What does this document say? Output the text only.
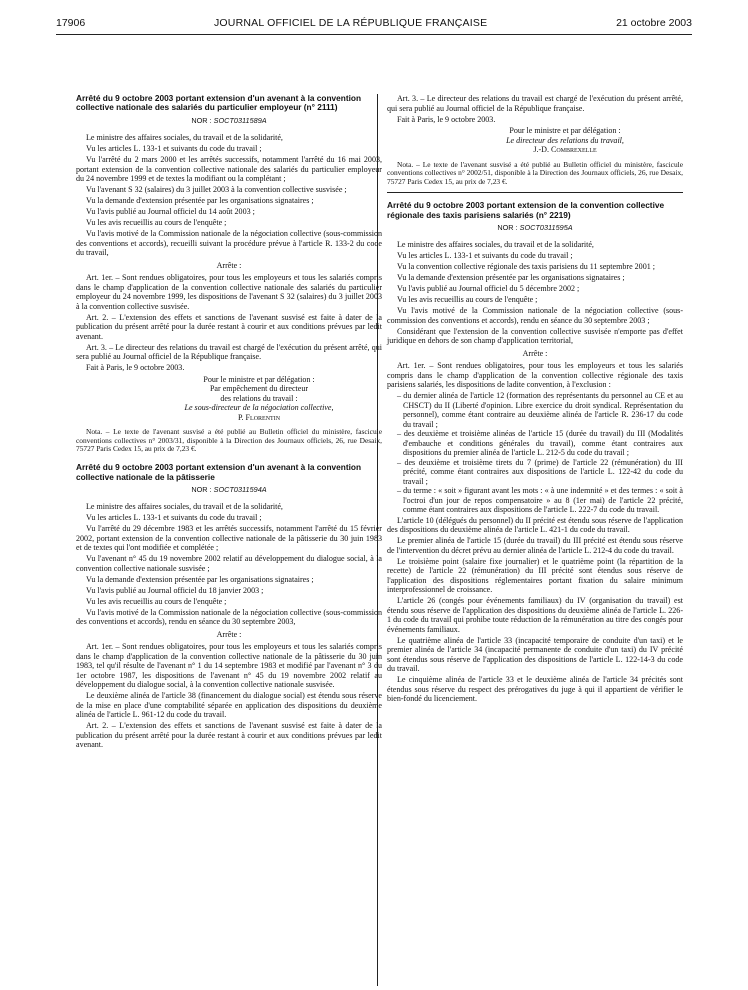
17906	JOURNAL OFFICIEL DE LA RÉPUBLIQUE FRANÇAISE	21 octobre 2003
Arrêté du 9 octobre 2003 portant extension d'un avenant à la convention collective nationale des salariés du particulier employeur (n° 2111)
NOR : SOCT0311589A

Le ministre des affaires sociales, du travail et de la solidarité,

Vu les articles L. 133-1 et suivants du code du travail ;

Vu l'arrêté du 2 mars 2000 et les arrêtés successifs, notamment l'arrêté du 16 mai 2003, portant extension de la convention collective nationale des salariés du particulier employeur du 24 novembre 1999 et de textes la modifiant ou la complétant ;

Vu l'avenant S 32 (salaires) du 3 juillet 2003 à la convention collective susvisée ;

Vu la demande d'extension présentée par les organisations signataires ;

Vu l'avis publié au Journal officiel du 14 août 2003 ;

Vu les avis recueillis au cours de l'enquête ;

Vu l'avis motivé de la Commission nationale de la négociation collective (sous-commission des conventions et accords), recueilli suivant la procédure prévue à l'article R. 133-2 du code du travail,

Arrête :

Art. 1er. – Sont rendues obligatoires, pour tous les employeurs et tous les salariés compris dans le champ d'application de la convention collective nationale des salariés du particulier employeur du 24 novembre 1999, les dispositions de l'avenant S 32 (salaires) du 3 juillet 2003 à la convention collective susvisée.

Art. 2. – L'extension des effets et sanctions de l'avenant susvisé est faite à dater de la publication du présent arrêté pour la durée restant à courir et aux conditions prévues par ledit avenant.

Art. 3. – Le directeur des relations du travail est chargé de l'exécution du présent arrêté, qui sera publié au Journal officiel de la République française.

Fait à Paris, le 9 octobre 2003.

Pour le ministre et par délégation :
Par empêchement du directeur
des relations du travail :
Le sous-directeur de la négociation collective,
P. Florentin

Nota. – Le texte de l'avenant susvisé a été publié au Bulletin officiel du ministère, fascicule conventions collectives n° 2003/31, disponible à la Direction des Journaux officiels, 26, rue Desaix, 75727 Paris Cedex 15, au prix de 7,23 €.

Arrêté du 9 octobre 2003 portant extension d'un avenant à la convention collective nationale de la pâtisserie
NOR : SOCT0311594A

Le ministre des affaires sociales, du travail et de la solidarité,

Vu les articles L. 133-1 et suivants du code du travail ;

Vu l'arrêté du 29 décembre 1983 et les arrêtés successifs, notamment l'arrêté du 15 février 2002, portant extension de la convention collective nationale de la pâtisserie du 30 juin 1983 et de textes qui l'ont modifiée et complétée ;

Vu l'avenant n° 45 du 19 novembre 2002 relatif au développement du dialogue social, à la convention collective nationale susvisée ;

Vu la demande d'extension présentée par les organisations signataires ;

Vu l'avis publié au Journal officiel du 18 janvier 2003 ;

Vu les avis recueillis au cours de l'enquête ;

Vu l'avis motivé de la Commission nationale de la négociation collective (sous-commission des conventions et accords), rendu en séance du 30 septembre 2003,

Arrête :

Art. 1er. – Sont rendues obligatoires, pour tous les employeurs et tous les salariés compris dans le champ d'application de la convention collective nationale de la pâtisserie du 30 juin 1983, tel qu'il résulte de l'avenant n° 1 du 14 septembre 1983 et modifié par l'avenant n° 3 du 1er octobre 1987, les dispositions de l'avenant n° 45 du 19 novembre 2002 relatif au développement du dialogue social, à la convention collective nationale susvisée.

Le deuxième alinéa de l'article 38 (financement du dialogue social) est étendu sous réserve de la mise en place d'une comptabilité séparée en application des dispositions du deuxième alinéa de l'article L. 961-12 du code du travail.

Art. 2. – L'extension des effets et sanctions de l'avenant susvisé est faite à dater de la publication du présent arrêté pour la durée restant à courir et aux conditions prévues par ledit avenant.

Art. 3. – Le directeur des relations du travail est chargé de l'exécution du présent arrêté, qui sera publié au Journal officiel de la République française.

Fait à Paris, le 9 octobre 2003.

Pour le ministre et par délégation :
Le directeur des relations du travail,
J.-D. Combrexelle

Nota. – Le texte de l'avenant susvisé a été publié au Bulletin officiel du ministère, fascicule conventions collectives n° 2002/51, disponible à la Direction des Journaux officiels, 26, rue Desaix, 75727 Paris Cedex 15, au prix de 7,23 €.

Arrêté du 9 octobre 2003 portant extension de la convention collective régionale des taxis parisiens salariés (n° 2219)
NOR : SOCT0311595A

Le ministre des affaires sociales, du travail et de la solidarité,

Vu les articles L. 133-1 et suivants du code du travail ;

Vu la convention collective régionale des taxis parisiens du 11 septembre 2001 ;

Vu la demande d'extension présentée par les organisations signataires ;

Vu l'avis publié au Journal officiel du 5 décembre 2002 ;

Vu les avis recueillis au cours de l'enquête ;

Vu l'avis motivé de la Commission nationale de la négociation collective (sous-commission des conventions et accords), rendu en séance du 30 septembre 2003 ;

Considérant que l'extension de la convention collective susvisée n'emporte pas d'effet juridique en dehors de son champ d'application territorial,

Arrête :

Art. 1er. – Sont rendues obligatoires, pour tous les employeurs et tous les salariés compris dans le champ d'application de la convention collective régionale des taxis parisiens salariés, les dispositions de ladite convention, à l'exclusion :

– du dernier alinéa de l'article 12 (formation des représentants du personnel au CE et au CHSCT) du II (Liberté d'opinion. Libre exercice du droit syndical. Représentation du personnel), comme étant contraire au deuxième alinéa de l'article R. 236-17 du code du travail ;
– des deuxième et troisième alinéas de l'article 15 (durée du travail) du III (Modalités d'embauche et conditions générales du travail), comme étant contraires aux dispositions du premier alinéa de l'article L. 212-5 du code du travail ;
– des deuxième et troisième tirets du 7 (prime) de l'article 22 (rémunération) du III précité, comme étant contraires aux dispositions de l'article L. 122-42 du code du travail ;
– du terme : « soit » figurant avant les mots : « à une indemnité » et des termes : « soit à l'octroi d'un jour de repos compensatoire » au 8 (1er mai) de l'article 22 précité, comme étant contraires aux dispositions de l'article L. 222-7 du code du travail.

L'article 10 (délégués du personnel) du II précité est étendu sous réserve de l'application des dispositions du deuxième alinéa de l'article L. 421-1 du code du travail.

Le premier alinéa de l'article 15 (durée du travail) du III précité est étendu sous réserve de l'intervention du décret prévu au dernier alinéa de l'article L. 212-4 du code du travail.

Le troisième point (salaire fixe journalier) et le quatrième point (la répartition de la recette) de l'article 22 (rémunération) du III précité sont étendus sous réserve de l'application des dispositions réglementaires portant fixation du salaire minimum interprofessionnel de croissance.

L'article 26 (congés pour événements familiaux) du IV (organisation du travail) est étendu sous réserve de l'application des dispositions du deuxième alinéa de l'article L. 226-1 du code du travail qui prohibe toute réduction de la rémunération au titre des congés pour événements familiaux.

Le quatrième alinéa de l'article 33 (incapacité temporaire de conduite d'un taxi) et le premier alinéa de l'article 34 (incapacité permanente de conduite d'un taxi) du IV précité sont étendus sous réserve de l'application des dispositions de l'article L. 122-14-3 du code du travail.

Le cinquième alinéa de l'article 33 et le deuxième alinéa de l'article 34 précités sont étendus sous réserve du respect des prérogatives du juge à qui il appartient de vérifier le bien-fondé du licenciement.
